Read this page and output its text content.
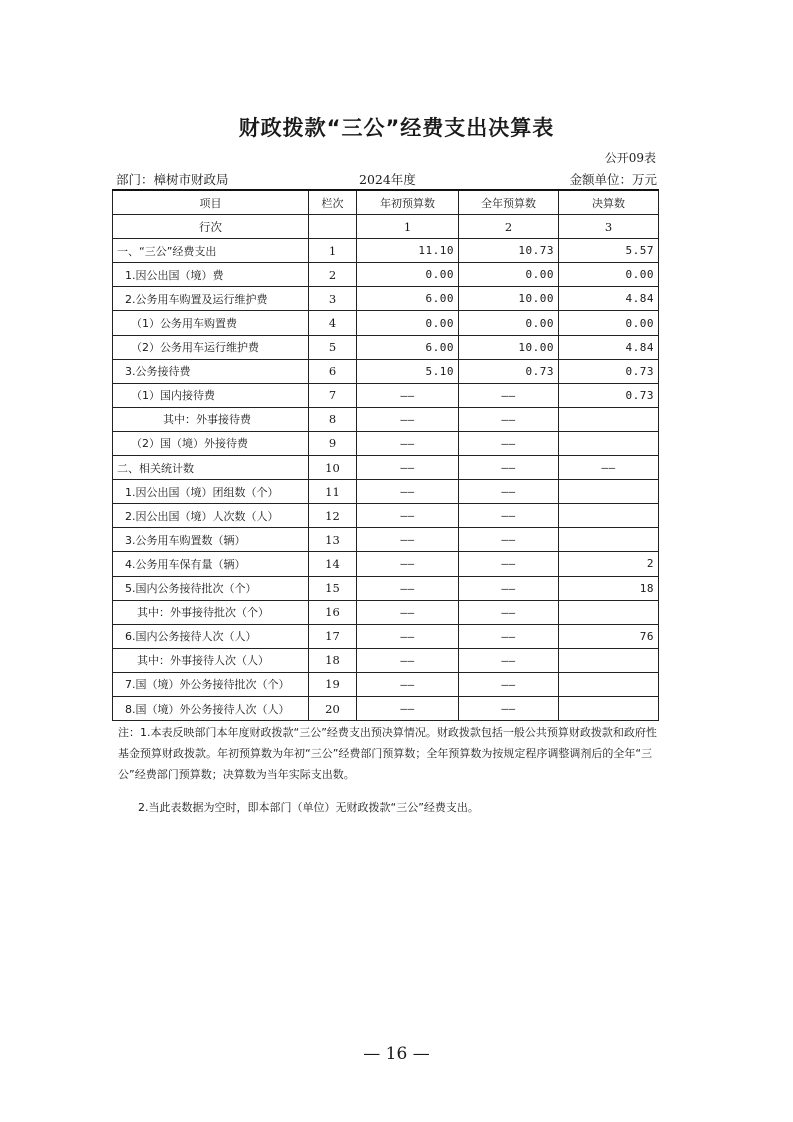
财政拨款“三公”经费支出决算表
公开09表
部门：樟树市财政局	2024年度	金额单位：万元
项目	栏次	年初预算数	全年预算数	决算数
行次		1	2	3
一、“三公”经费支出	1	11.10	10.73	5.57
1.因公出国（境）费	2	0.00	0.00	0.00
2.公务用车购置及运行维护费	3	6.00	10.00	4.84
（1）公务用车购置费	4	0.00	0.00	0.00
（2）公务用车运行维护费	5	6.00	10.00	4.84
3.公务接待费	6	5.10	0.73	0.73
（1）国内接待费	7	——	——	0.73
其中：外事接待费	8	——	——	
（2）国（境）外接待费	9	——	——	
二、相关统计数	10	——	——	——
1.因公出国（境）团组数（个）	11	——	——	
2.因公出国（境）人次数（人）	12	——	——	
3.公务用车购置数（辆）	13	——	——	
4.公务用车保有量（辆）	14	——	——	2
5.国内公务接待批次（个）	15	——	——	18
其中：外事接待批次（个）	16	——	——	
6.国内公务接待人次（人）	17	——	——	76
其中：外事接待人次（人）	18	——	——	
7.国（境）外公务接待批次（个）	19	——	——	
8.国（境）外公务接待人次（人）	20	——	——	

注：1.本表反映部门本年度财政拨款“三公”经费支出预决算情况。财政拨款包括一般公共预算财政拨款和政府性基金预算财政拨款。年初预算数为年初“三公”经费部门预算数；全年预算数为按规定程序调整调剂后的全年“三公”经费部门预算数；决算数为当年实际支出数。

2.当此表数据为空时，即本部门（单位）无财政拨款“三公”经费支出。

— 16 —
